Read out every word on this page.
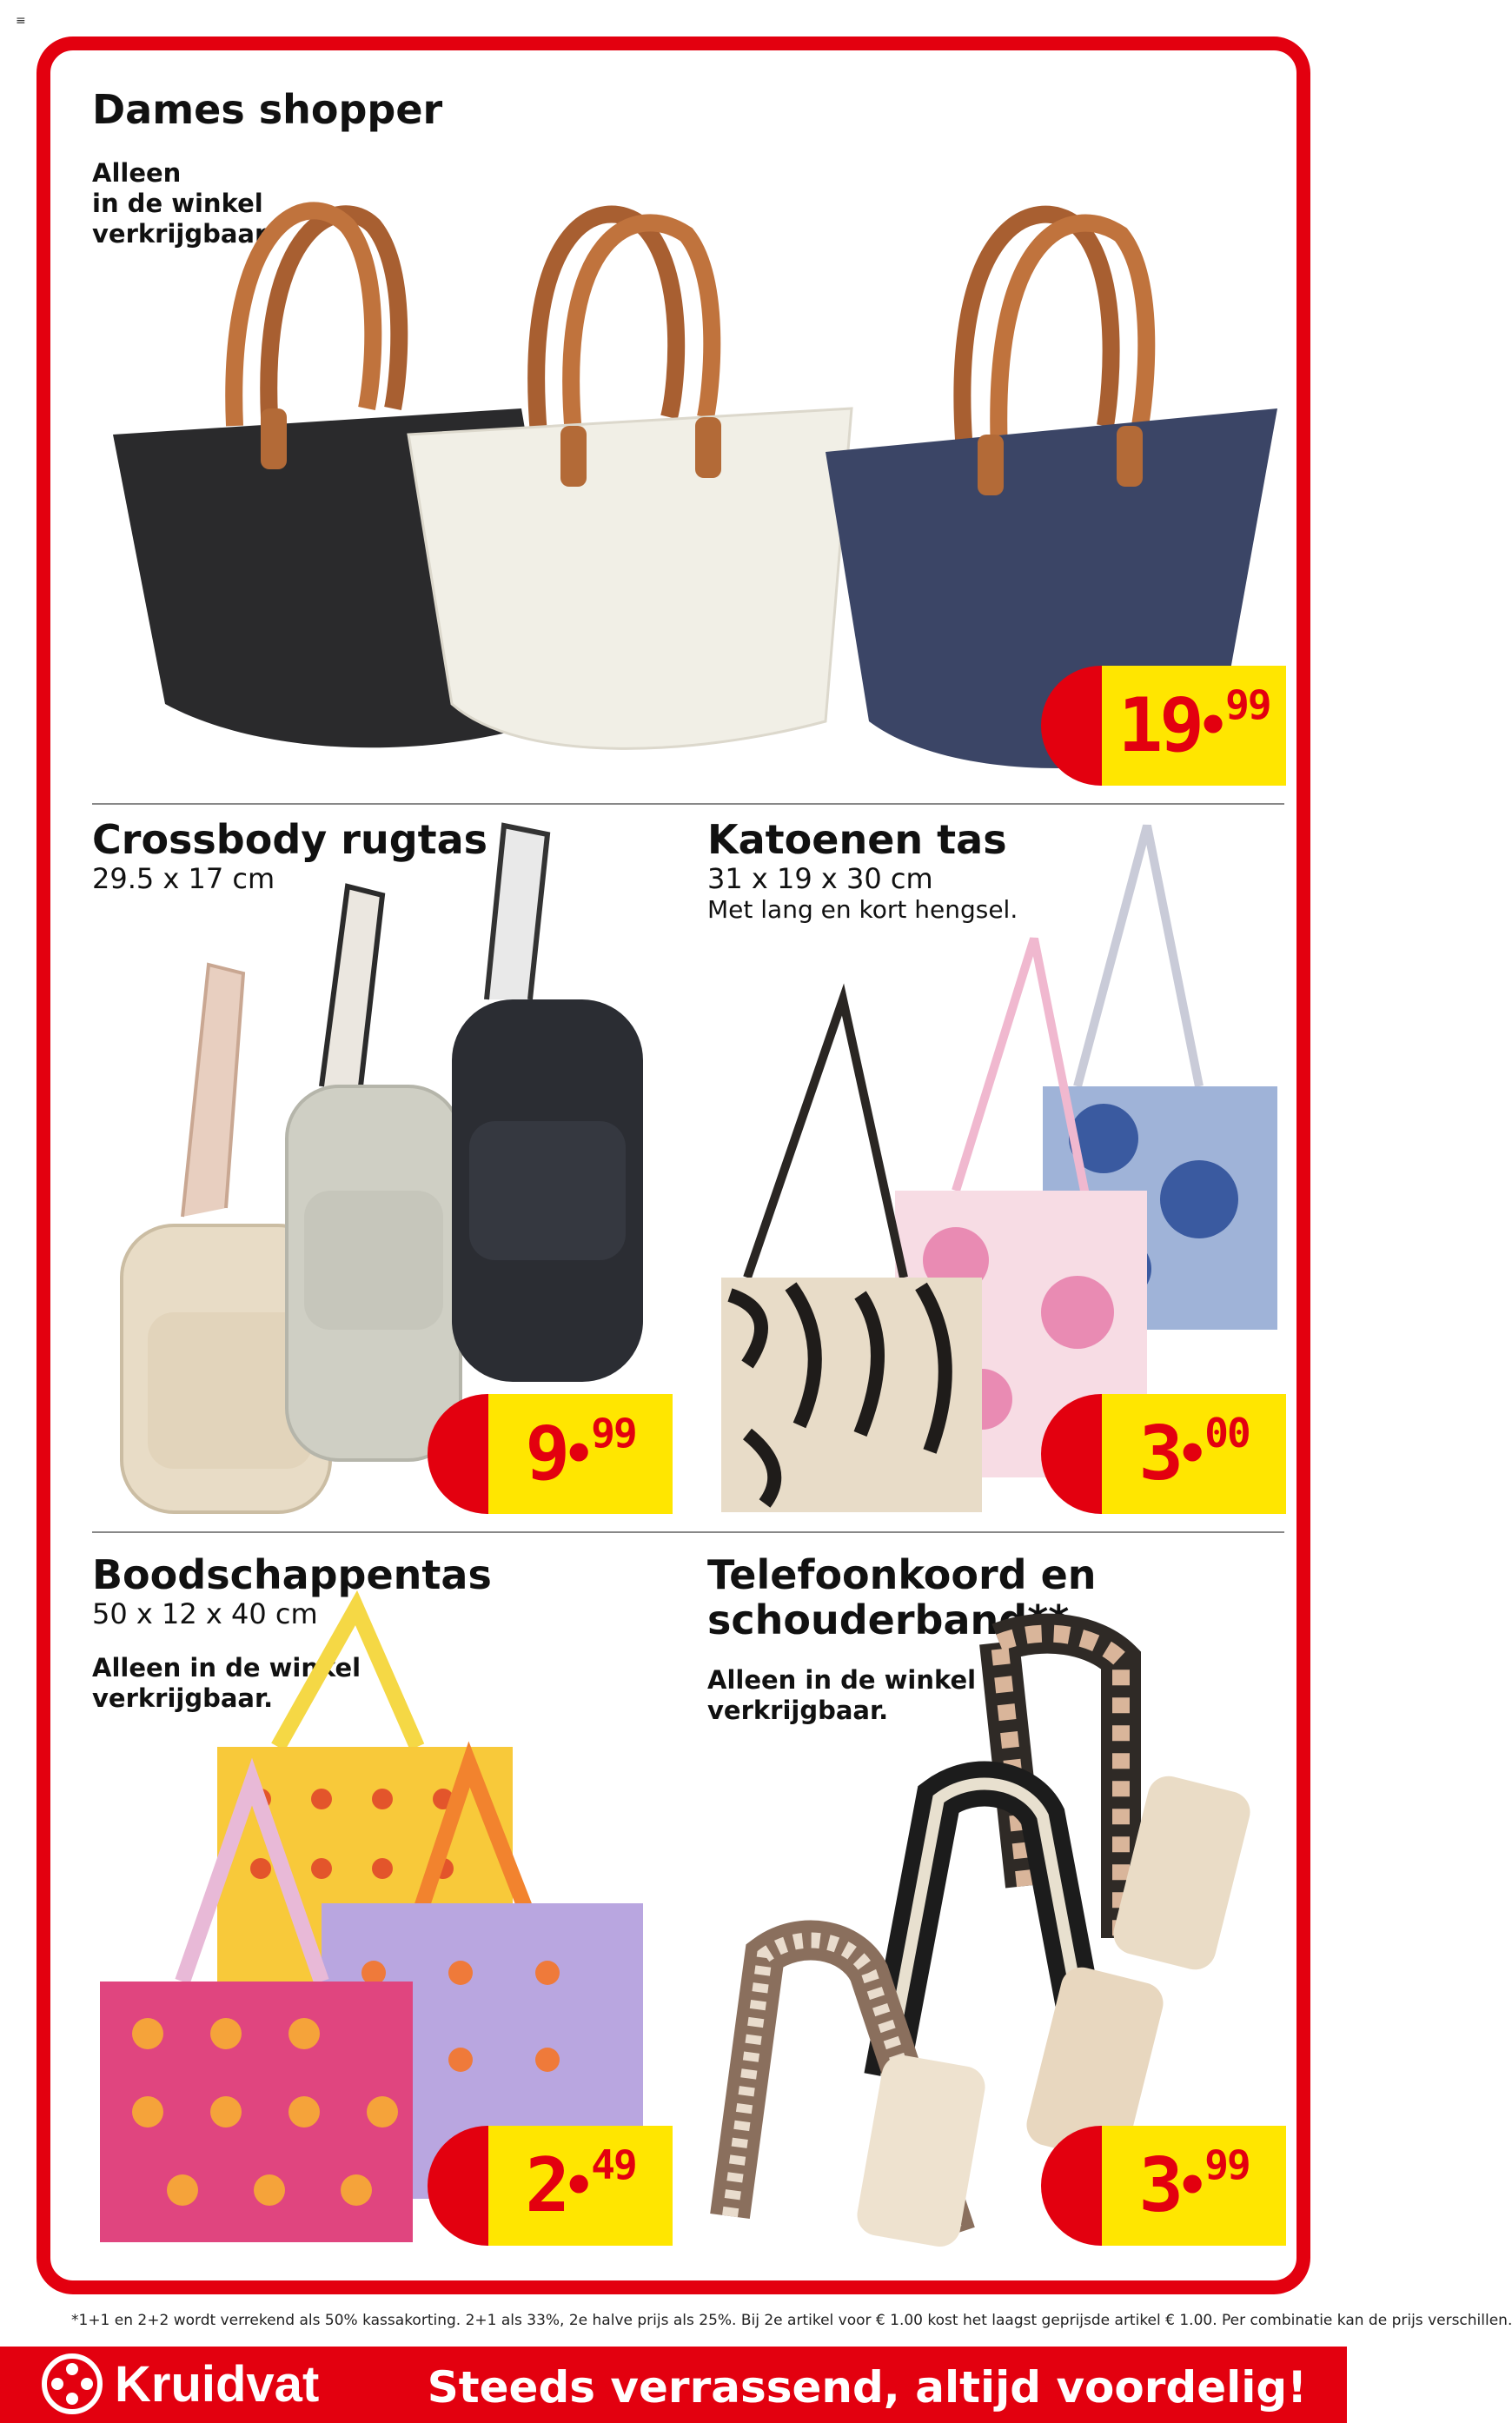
≡

Dames shopper

Alleen

in de winkel

verkrijgbaar.

19
•
99

Crossbody rugtas

29.5 x 17 cm

9
•
99

Katoenen tas

31 x 19 x 30 cm

Met lang en kort hengsel.

3
•
00

Boodschappentas

50 x 12 x 40 cm

Alleen in de winkel

verkrijgbaar.

2
•
49

Telefoonkoord en

schouderband**

Alleen in de winkel

verkrijgbaar.

3
•
99
*1+1 en 2+2 wordt verrekend als 50% kassakorting. 2+1 als 33%, 2e halve prijs als 25%. Bij 2e artikel voor € 1.00 kost het laagst geprijsde artikel € 1.00. Per combinatie kan de prijs verschillen.
Kruidvat Steeds verrassend, altijd voordelig!
